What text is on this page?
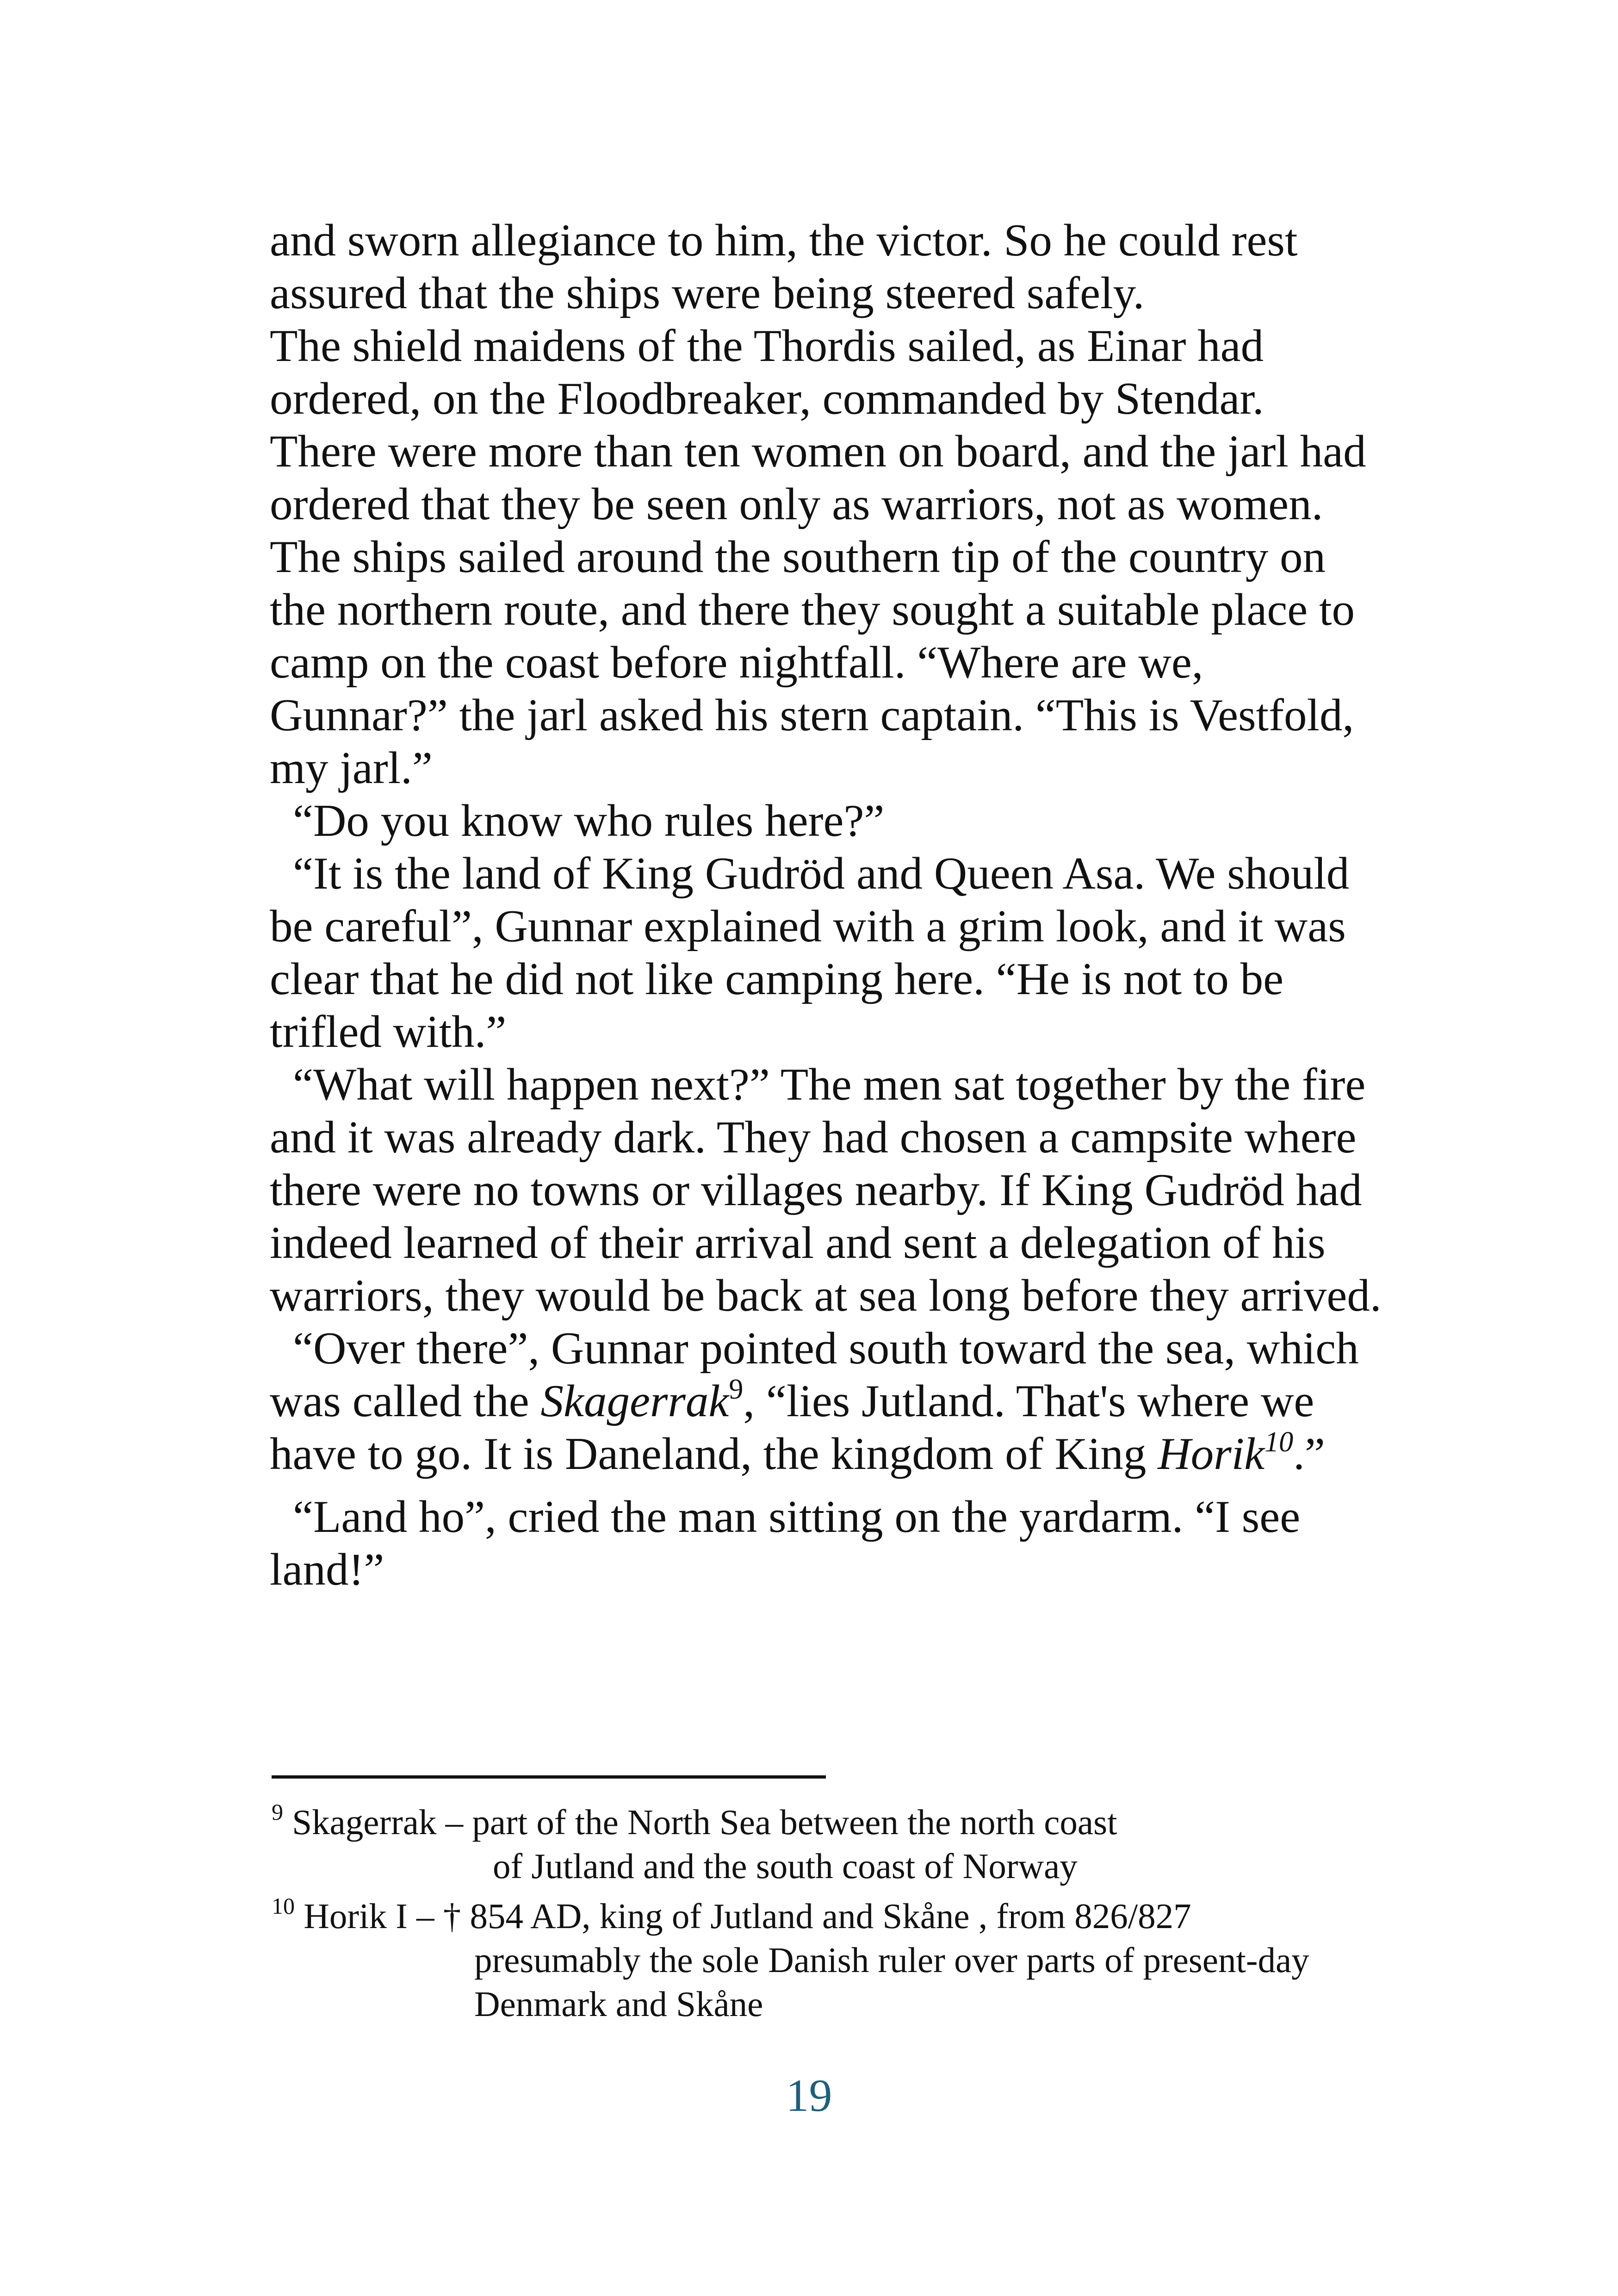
and sworn allegiance to him, the victor. So he could rest
assured that the ships were being steered safely.
The shield maidens of the Thordis sailed, as Einar had
ordered, on the Floodbreaker, commanded by Stendar.
There were more than ten women on board, and the jarl had
ordered that they be seen only as warriors, not as women.
The ships sailed around the southern tip of the country on
the northern route, and there they sought a suitable place to
camp on the coast before nightfall. “Where are we,
Gunnar?” the jarl asked his stern captain. “This is Vestfold,
my jarl.”
“Do you know who rules here?”
“It is the land of King Gudröd and Queen Asa. We should
be careful”, Gunnar explained with a grim look, and it was
clear that he did not like camping here. “He is not to be
trifled with.”
“What will happen next?” The men sat together by the fire
and it was already dark. They had chosen a campsite where
there were no towns or villages nearby. If King Gudröd had
indeed learned of their arrival and sent a delegation of his
warriors, they would be back at sea long before they arrived.
“Over there”, Gunnar pointed south toward the sea, which
was called the Skagerrak$^9$, “lies Jutland. That's where we
have to go. It is Daneland, the kingdom of King Horik$^{10}$.”
“Land ho”, cried the man sitting on the yardarm. “I see
land!”
$^9$ Skagerrak – part of the North Sea between the north coast
of Jutland and the south coast of Norway
$^{10}$ Horik I – † 854 AD, king of Jutland and Skåne , from 826/827
presumably the sole Danish ruler over parts of present-day
Denmark and Skåne
19
